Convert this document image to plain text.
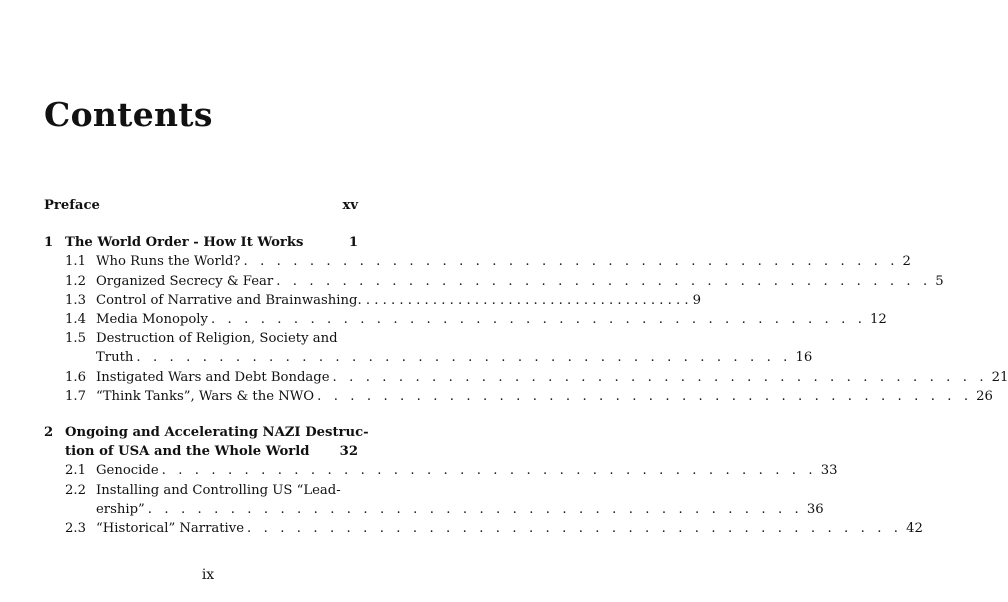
Contents
Preface	xv
1 The World Order - How It Works	1
1.1 Who Runs the World? . . .	2
1.2 Organized Secrecy & Fear . . .	5
1.3 Control of Narrative and Brainwashing . . .	9
1.4 Media Monopoly . . .	12
1.5 Destruction of Religion, Society and
Truth . . .	16
1.6 Instigated Wars and Debt Bondage . . .	21
1.7 “Think Tanks”, Wars & the NWO . . .	26
2 Ongoing and Accelerating NAZI Destruc-
tion of USA and the Whole World	32
2.1 Genocide . . .	33
2.2 Installing and Controlling US “Lead-
ership” . . .	36
2.3 “Historical” Narrative . . .	42
ix
